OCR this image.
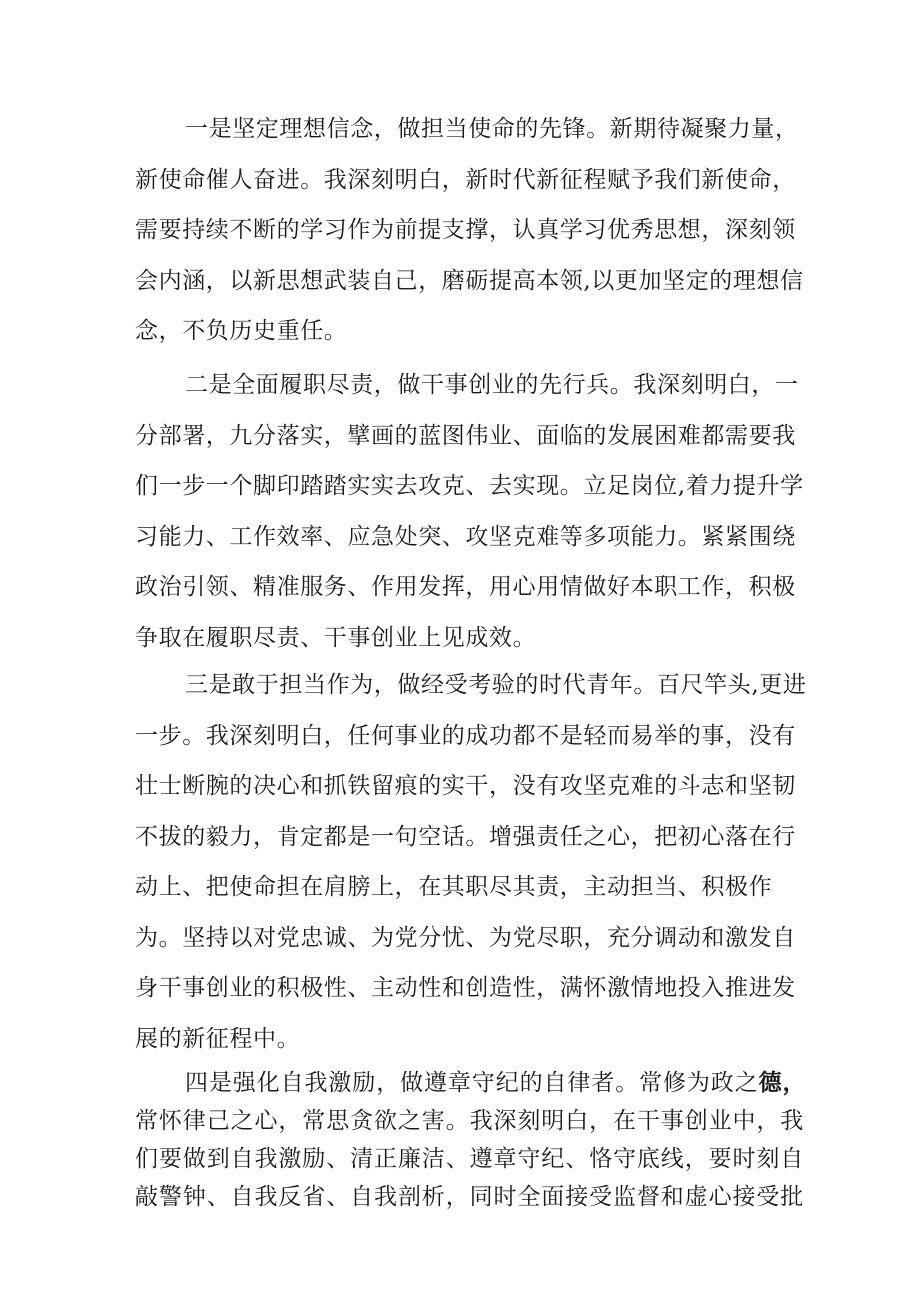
一是坚定理想信念，做担当使命的先锋。新期待凝聚力量，新使命催人奋进。我深刻明白，新时代新征程赋予我们新使命，需要持续不断的学习作为前提支撑，认真学习优秀思想，深刻领会内涵，以新思想武装自己，磨砺提高本领,以更加坚定的理想信念，不负历史重任。

二是全面履职尽责，做干事创业的先行兵。我深刻明白，一分部署，九分落实，擘画的蓝图伟业、面临的发展困难都需要我们一步一个脚印踏踏实实去攻克、去实现。立足岗位,着力提升学习能力、工作效率、应急处突、攻坚克难等多项能力。紧紧围绕政治引领、精准服务、作用发挥，用心用情做好本职工作，积极争取在履职尽责、干事创业上见成效。

三是敢于担当作为，做经受考验的时代青年。百尺竿头,更进一步。我深刻明白，任何事业的成功都不是轻而易举的事，没有壮士断腕的决心和抓铁留痕的实干，没有攻坚克难的斗志和坚韧不拔的毅力，肯定都是一句空话。增强责任之心，把初心落在行动上、把使命担在肩膀上，在其职尽其责，主动担当、积极作为。坚持以对党忠诚、为党分忧、为党尽职，充分调动和激发自身干事创业的积极性、主动性和创造性，满怀激情地投入推进发展的新征程中。

四是强化自我激励，做遵章守纪的自律者。常修为政之德，常怀律己之心，常思贪欲之害。我深刻明白，在干事创业中，我们要做到自我激励、清正廉洁、遵章守纪、恪守底线，要时刻自敲警钟、自我反省、自我剖析，同时全面接受监督和虚心接受批
